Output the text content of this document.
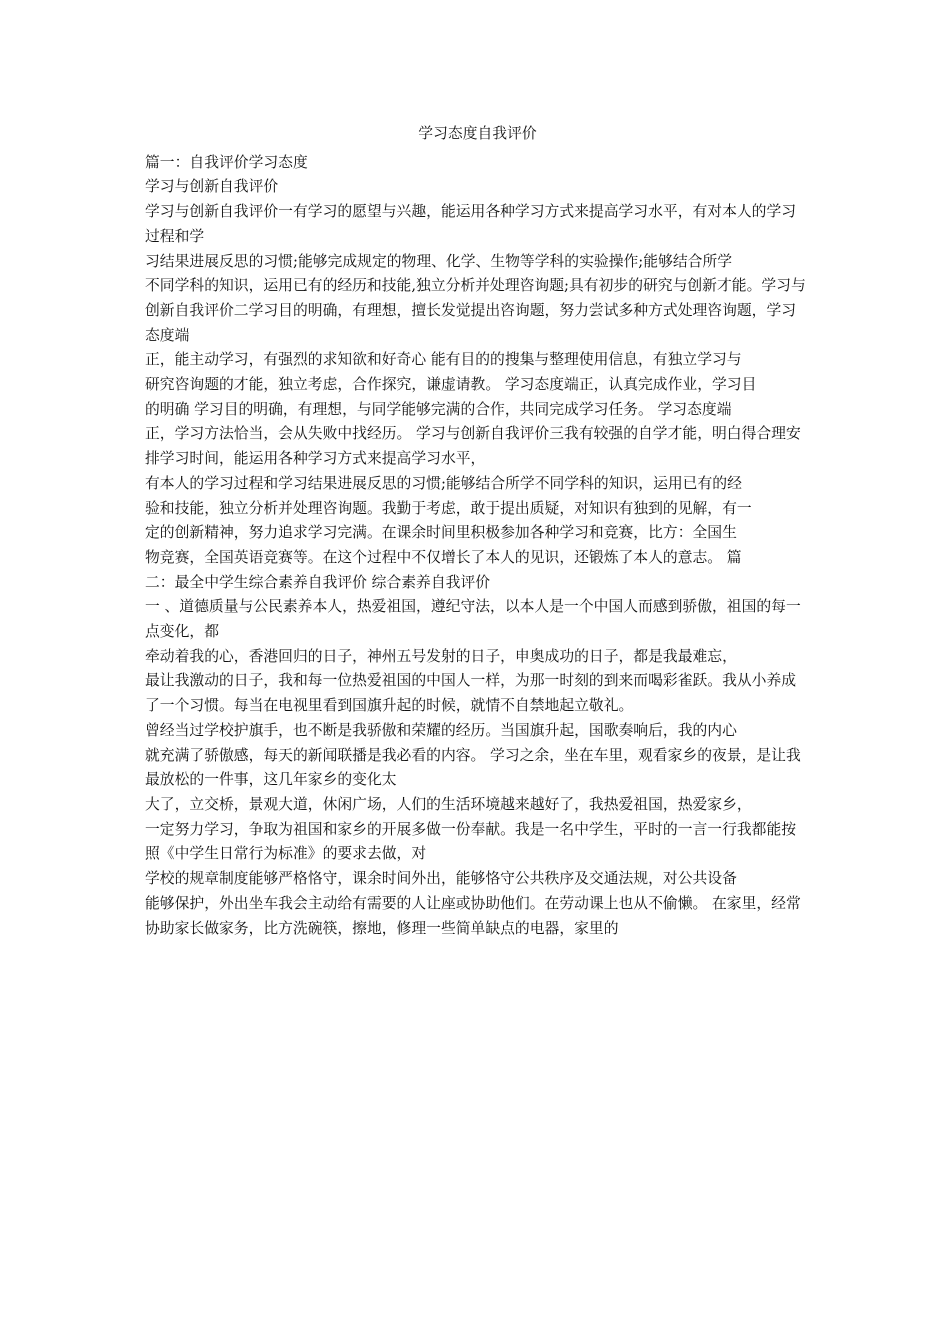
学习态度自我评价

篇一：自我评价学习态度

学习与创新自我评价

学习与创新自我评价一有学习的愿望与兴趣，能运用各种学习方式来提高学习水平，有对本人的学习过程和学

习结果进展反思的习惯;能够完成规定的物理、化学、生物等学科的实验操作;能够结合所学

不同学科的知识，运用已有的经历和技能,独立分析并处理咨询题;具有初步的研究与创新才能。学习与创新自我评价二学习目的明确，有理想，擅长发觉提出咨询题，努力尝试多种方式处理咨询题，学习态度端

正，能主动学习，有强烈的求知欲和好奇心 能有目的的搜集与整理使用信息，有独立学习与

研究咨询题的才能，独立考虑，合作探究，谦虚请教。 学习态度端正，认真完成作业，学习目

的明确 学习目的明确，有理想，与同学能够完满的合作，共同完成学习任务。 学习态度端

正，学习方法恰当，会从失败中找经历。 学习与创新自我评价三我有较强的自学才能，明白得合理安排学习时间，能运用各种学习方式来提高学习水平，

有本人的学习过程和学习结果进展反思的习惯;能够结合所学不同学科的知识，运用已有的经

验和技能，独立分析并处理咨询题。我勤于考虑，敢于提出质疑，对知识有独到的见解，有一

定的创新精神，努力追求学习完满。在课余时间里积极参加各种学习和竞赛，比方：全国生

物竞赛，全国英语竞赛等。在这个过程中不仅增长了本人的见识，还锻炼了本人的意志。 篇

二：最全中学生综合素养自我评价 综合素养自我评价

一 、道德质量与公民素养本人，热爱祖国，遵纪守法，以本人是一个中国人而感到骄傲，祖国的每一点变化，都

牵动着我的心，香港回归的日子，神州五号发射的日子，申奥成功的日子，都是我最难忘，

最让我激动的日子，我和每一位热爱祖国的中国人一样，为那一时刻的到来而喝彩雀跃。我从小养成了一个习惯。每当在电视里看到国旗升起的时候，就情不自禁地起立敬礼。

曾经当过学校护旗手，也不断是我骄傲和荣耀的经历。当国旗升起，国歌奏响后，我的内心

就充满了骄傲感，每天的新闻联播是我必看的内容。 学习之余，坐在车里，观看家乡的夜景，是让我最放松的一件事，这几年家乡的变化太

大了，立交桥，景观大道，休闲广场，人们的生活环境越来越好了，我热爱祖国，热爱家乡，

一定努力学习，争取为祖国和家乡的开展多做一份奉献。我是一名中学生，平时的一言一行我都能按照《中学生日常行为标准》的要求去做，对

学校的规章制度能够严格恪守，课余时间外出，能够恪守公共秩序及交通法规，对公共设备

能够保护，外出坐车我会主动给有需要的人让座或协助他们。在劳动课上也从不偷懒。 在家里，经常协助家长做家务，比方洗碗筷，擦地，修理一些简单缺点的电器，家里的
